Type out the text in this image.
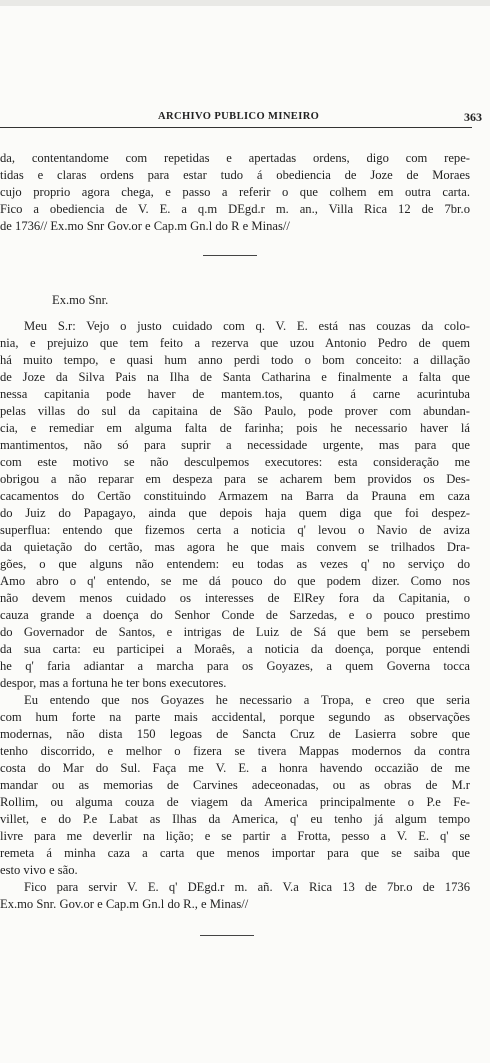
ARCHIVO PUBLICO MINEIRO	363
da, contentandome com repetidas e apertadas ordens, digo com repe-
tidas e claras ordens para estar tudo á obediencia de Joze de Moraes
cujo proprio agora chega, e passo a referir o que colhem em outra carta.
Fico a obediencia de V. E. a q.m DEgd.r m. an., Villa Rica 12 de 7br.o
de 1736// Ex.mo Snr Gov.or e Cap.m Gn.l do R e Minas//
Ex.mo Snr.
Meu S.r: Vejo o justo cuidado com q. V. E. está nas couzas da colo-
nia, e prejuizo que tem feito a rezerva que uzou Antonio Pedro de quem
há muito tempo, e quasi hum anno perdi todo o bom conceito: a dillação
de Joze da Silva Pais na Ilha de Santa Catharina e finalmente a falta que
nessa capitania pode haver de mantem.tos, quanto á carne acurintuba
pelas villas do sul da capitaina de São Paulo, pode prover com abundan-
cia, e remediar em alguma falta de farinha; pois he necessario haver lá
mantimentos, não só para suprir a necessidade urgente, mas para que
com este motivo se não desculpemos executores: esta consideração me
obrigou a não reparar em despeza para se acharem bem providos os Des-
cacamentos do Certão constituindo Armazem na Barra da Prauna em caza
do Juiz do Papagayo, ainda que depois haja quem diga que foi despez-
superflua: entendo que fizemos certa a noticia q' levou o Navio de aviza
da quietação do certão, mas agora he que mais convem se trilhados Dra-
gões, o que alguns não entendem: eu todas as vezes q' no serviço do
Amo abro o q' entendo, se me dá pouco do que podem dizer. Como nos
não devem menos cuidado os interesses de ElRey fora da Capitania, o
cauza grande a doença do Senhor Conde de Sarzedas, e o pouco prestimo
do Governador de Santos, e intrigas de Luiz de Sá que bem se persebem
da sua carta: eu participei a Moraês, a noticia da doença, porque entendi
he q' faria adiantar a marcha para os Goyazes, a quem Governa tocca
despor, mas a fortuna he ter bons executores.
Eu entendo que nos Goyazes he necessario a Tropa, e creo que seria
com hum forte na parte mais accidental, porque segundo as observações
modernas, não dista 150 legoas de Sancta Cruz de Lasierra sobre que
tenho discorrido, e melhor o fizera se tivera Mappas modernos da contra
costa do Mar do Sul. Faça me V. E. a honra havendo occazião de me
mandar ou as memorias de Carvines adeceonadas, ou as obras de M.r
Rollim, ou alguma couza de viagem da America principalmente o P.e Fe-
villet, e do P.e Labat as Ilhas da America, q' eu tenho já algum tempo
livre para me deverlir na lição; e se partir a Frotta, pesso a V. E. q' se
remeta á minha caza a carta que menos importar para que se saiba que
esto vivo e são.
Fico para servir V. E. q' DEgd.r m. añ. V.a Rica 13 de 7br.o de 1736
Ex.mo Snr. Gov.or e Cap.m Gn.l do R., e Minas//
